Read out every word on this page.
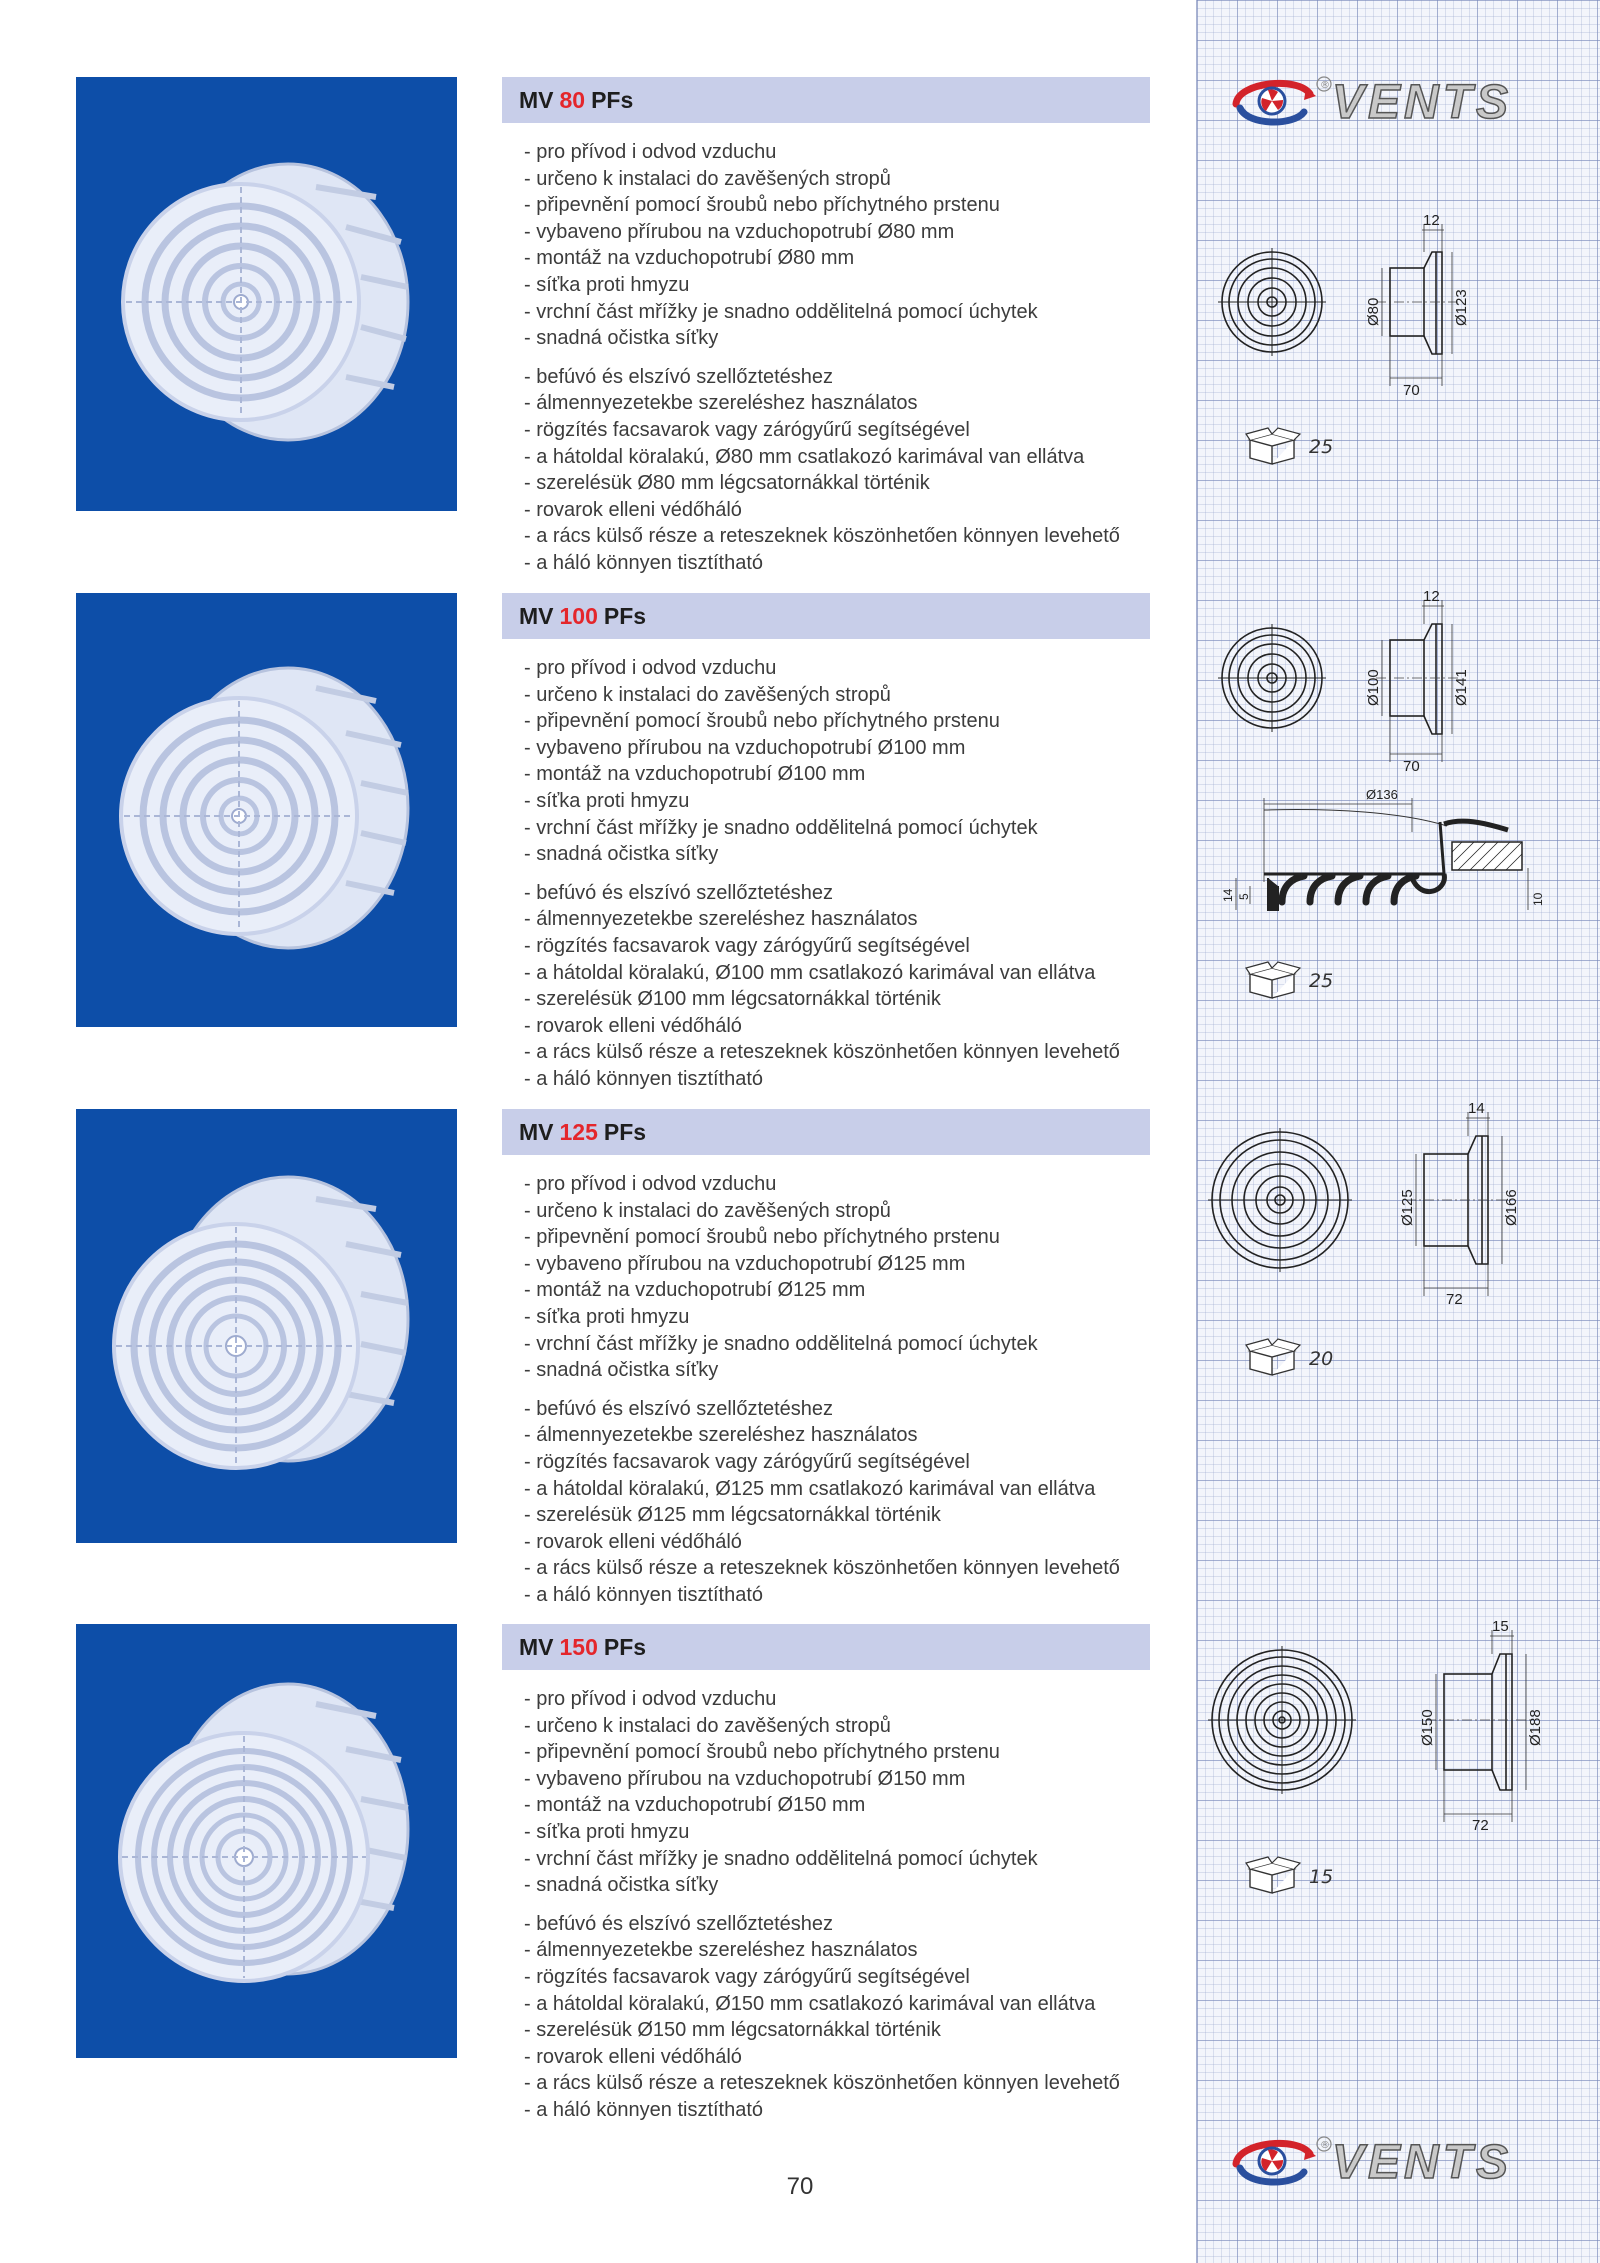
® VENTS
® VENTS
MV 80 PFs
- pro přívod i odvod vzduchu
- určeno k instalaci do zavěšených stropů
- připevnění pomocí šroubů nebo příchytného prstenu
- vybaveno přírubou na vzduchopotrubí Ø80 mm
- montáž na vzduchopotrubí Ø80 mm
- síťka proti hmyzu
- vrchní část mřížky je snadno oddělitelná pomocí úchytek
- snadná očistka síťky
- befúvó és elszívó szellőztetéshez
- álmennyezetekbe szereléshez használatos
- rögzítés facsavarok vagy zárógyűrű segítségével
- a hátoldal köralakú, Ø80 mm csatlakozó karimával van ellátva
- szerelésük Ø80 mm légcsatornákkal történik
- rovarok elleni védőháló
- a rács külső része a reteszeknek köszönhetően könnyen levehető
- a háló könnyen tisztítható
12
70
Ø80	Ø123
25
MV 100 PFs
- pro přívod i odvod vzduchu
- určeno k instalaci do zavěšených stropů
- připevnění pomocí šroubů nebo příchytného prstenu
- vybaveno přírubou na vzduchopotrubí Ø100 mm
- montáž na vzduchopotrubí Ø100 mm
- síťka proti hmyzu
- vrchní část mřížky je snadno oddělitelná pomocí úchytek
- snadná očistka síťky
- befúvó és elszívó szellőztetéshez
- álmennyezetekbe szereléshez használatos
- rögzítés facsavarok vagy zárógyűrű segítségével
- a hátoldal köralakú, Ø100 mm csatlakozó karimával van ellátva
- szerelésük Ø100 mm légcsatornákkal történik
- rovarok elleni védőháló
- a rács külső része a reteszeknek köszönhetően könnyen levehető
- a háló könnyen tisztítható
12
70
Ø100	Ø141
Ø136
14 5	10
25
MV 125 PFs
- pro přívod i odvod vzduchu
- určeno k instalaci do zavěšených stropů
- připevnění pomocí šroubů nebo příchytného prstenu
- vybaveno přírubou na vzduchopotrubí Ø125 mm
- montáž na vzduchopotrubí Ø125 mm
- síťka proti hmyzu
- vrchní část mřížky je snadno oddělitelná pomocí úchytek
- snadná očistka síťky
- befúvó és elszívó szellőztetéshez
- álmennyezetekbe szereléshez használatos
- rögzítés facsavarok vagy zárógyűrű segítségével
- a hátoldal köralakú, Ø125 mm csatlakozó karimával van ellátva
- szerelésük Ø125 mm légcsatornákkal történik
- rovarok elleni védőháló
- a rács külső része a reteszeknek köszönhetően könnyen levehető
- a háló könnyen tisztítható
14
72
Ø125	Ø166
20
MV 150 PFs
- pro přívod i odvod vzduchu
- určeno k instalaci do zavěšených stropů
- připevnění pomocí šroubů nebo příchytného prstenu
- vybaveno přírubou na vzduchopotrubí Ø150 mm
- montáž na vzduchopotrubí Ø150 mm
- síťka proti hmyzu
- vrchní část mřížky je snadno oddělitelná pomocí úchytek
- snadná očistka síťky
- befúvó és elszívó szellőztetéshez
- álmennyezetekbe szereléshez használatos
- rögzítés facsavarok vagy zárógyűrű segítségével
- a hátoldal köralakú, Ø150 mm csatlakozó karimával van ellátva
- szerelésük Ø150 mm légcsatornákkal történik
- rovarok elleni védőháló
- a rács külső része a reteszeknek köszönhetően könnyen levehető
- a háló könnyen tisztítható
15
72
Ø150	Ø188
15
70
